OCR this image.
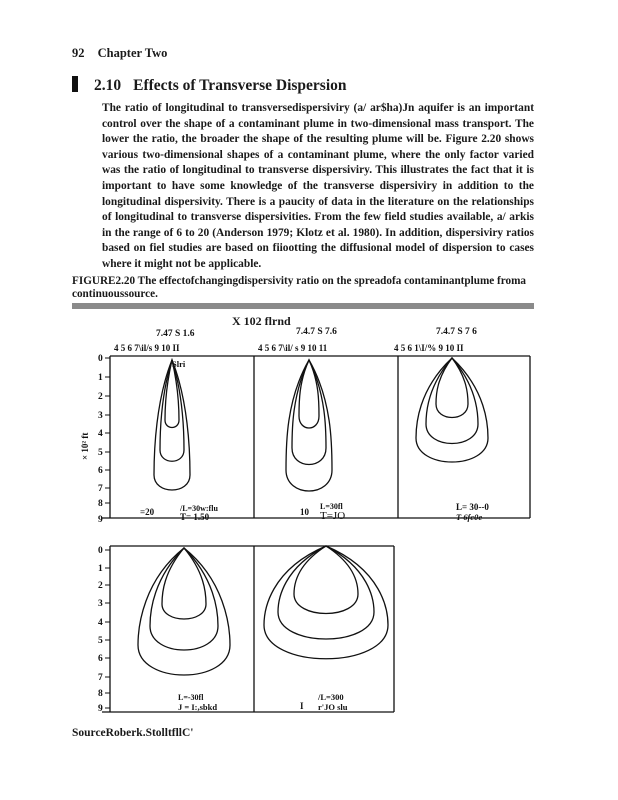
92 Chapter Two
2.10 Effects of Transverse Dispersion

The ratio of longitudinal to transversedispersiviry (a/ ar$ha)Jn aquifer is an important control over the shape of a contaminant plume in two-dimensional mass transport. The lower the ratio, the broader the shape of the resulting plume will be. Figure 2.20 shows various two-dimensional shapes of a contaminant plume, where the only factor varied was the ratio of longitudinal to transverse dispersiviry. This illustrates the fact that it is important to have some knowledge of the transverse dispersiviry in addition to the longitudinal dispersivity. There is a paucity of data in the literature on the relationships of longitudinal to transverse dispersivities. From the few field studies available, a/ arkis in the range of 6 to 20 (Anderson 1979; Klotz et al. 1980). In addition, dispersiviry ratios based on fiel studies are based on fiiootting the diffusional model of dispersion to cases where it might not be applicable.

FIGURE2.20 The effectofchangingdispersivity ratio on the spreadofa contaminantplume froma continuoussource.

X 102 flrnd
7.47 S 1.6	7.4.7 S 7.6	7.4.7 S 7 6
4 5 6 7\il/s 9 10 II	4 5 6 7\il/ s 9 10 11	4 5 6 1\I/% 9 10 II
Slri
0
1
2
3
4
5
6
7
8
9
0
1
2
3
4
5
6
7
8
9
× 10² ft
=20	/L=30w:flu
T= 1.50	10
L=30fl
T=JO
L= 30--0
T-6fc0e
L=-30fl
J = I:,sbkd	I
/L=300
r'JO slu
SourceRoberk.StolltfllC'
